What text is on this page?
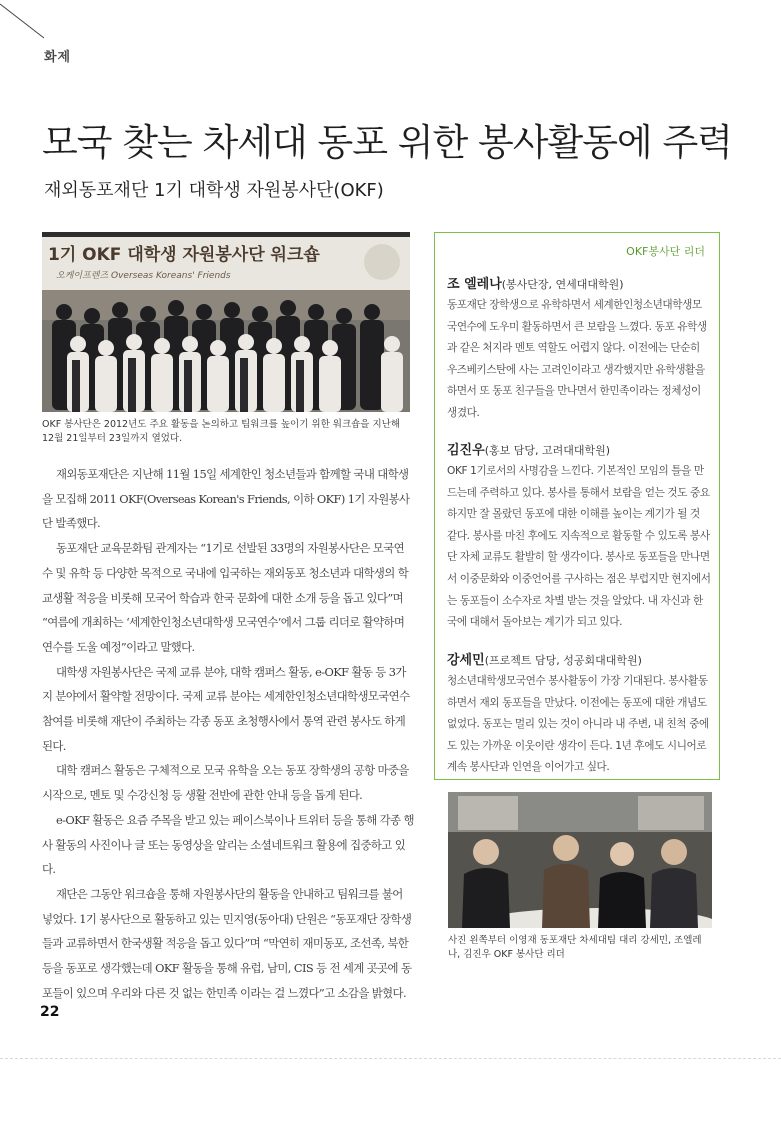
화제
모국 찾는 차세대 동포 위한 봉사활동에 주력
재외동포재단 1기 대학생 자원봉사단(OKF)
1기 OKF 대학생 자원봉사단 워크숍
오케이프렌즈 Overseas Koreans' Friends
OKF 봉사단은 2012년도 주요 활동을 논의하고 팀워크를 높이기 위한 워크숍을 지난해 12월 21일부터 23일까지 열었다.

재외동포재단은 지난해 11월 15일 세계한인 청소년들과 함께할 국내 대학생을 모집해 2011 OKF(Overseas Korean's Friends, 이하 OKF) 1기 자원봉사단 발족했다.

동포재단 교육문화팀 관계자는 “1기로 선발된 33명의 자원봉사단은 모국연수 및 유학 등 다양한 목적으로 국내에 입국하는 재외동포 청소년과 대학생의 학교생활 적응을 비롯해 모국어 학습과 한국 문화에 대한 소개 등을 돕고 있다”며 “여름에 개최하는 ‘세계한인청소년대학생 모국연수’에서 그룹 리더로 활약하며 연수를 도울 예정”이라고 말했다.

대학생 자원봉사단은 국제 교류 분야, 대학 캠퍼스 활동, e-OKF 활동 등 3가지 분야에서 활약할 전망이다. 국제 교류 분야는 세계한인청소년대학생모국연수 참여를 비롯해 재단이 주최하는 각종 동포 초청행사에서 통역 관련 봉사도 하게 된다.

대학 캠퍼스 활동은 구체적으로 모국 유학을 오는 동포 장학생의 공항 마중을 시작으로, 멘토 및 수강신청 등 생활 전반에 관한 안내 등을 돕게 된다.

e-OKF 활동은 요즘 주목을 받고 있는 페이스북이나 트위터 등을 통해 각종 행사 활동의 사진이나 글 또는 동영상을 알리는 소셜네트워크 활용에 집중하고 있다.

재단은 그동안 워크숍을 통해 자원봉사단의 활동을 안내하고 팀워크를 불어 넣었다. 1기 봉사단으로 활동하고 있는 민지영(동아대) 단원은 “동포재단 장학생들과 교류하면서 한국생활 적응을 돕고 있다”며 “막연히 재미동포, 조선족, 북한 등을 동포로 생각했는데 OKF 활동을 통해 유럽, 남미, CIS 등 전 세계 곳곳에 동포들이 있으며 우리와 다른 것 없는 한민족 이라는 걸 느꼈다”고 소감을 밝혔다.

OKF봉사단 리더
조 엘레나(봉사단장, 연세대대학원)
동포재단 장학생으로 유학하면서 세계한인청소년대학생모국연수에 도우미 활동하면서 큰 보람을 느꼈다. 동포 유학생과 같은 처지라 멘토 역할도 어렵지 않다. 이전에는 단순히 우즈베키스탄에 사는 고려인이라고 생각했지만 유학생활을 하면서 또 동포 친구들을 만나면서 한민족이라는 정체성이 생겼다.
김진우(홍보 담당, 고려대대학원)
OKF 1기로서의 사명감을 느낀다. 기본적인 모임의 틀을 만드는데 주력하고 있다. 봉사를 통해서 보람을 얻는 것도 중요하지만 잘 몰랐던 동포에 대한 이해를 높이는 계기가 될 것 같다. 봉사를 마친 후에도 지속적으로 활동할 수 있도록 봉사단 자체 교류도 활발히 할 생각이다. 봉사로 동포들을 만나면서 이중문화와 이중언어를 구사하는 점은 부럽지만 현지에서는 동포들이 소수자로 차별 받는 것을 알았다. 내 자신과 한국에 대해서 돌아보는 계기가 되고 있다.
강세민(프로젝트 담당, 성공회대대학원)
청소년대학생모국연수 봉사활동이 가장 기대된다. 봉사활동 하면서 재외 동포들을 만났다. 이전에는 동포에 대한 개념도 없었다. 동포는 멀리 있는 것이 아니라 내 주변, 내 친척 중에도 있는 가까운 이웃이란 생각이 든다. 1년 후에도 시니어로 계속 봉사단과 인연을 이어가고 싶다.
사진 왼쪽부터 이영재 동포재단 차세대팀 대리 강세민, 조엘레나, 김진우 OKF 봉사단 리더
22
